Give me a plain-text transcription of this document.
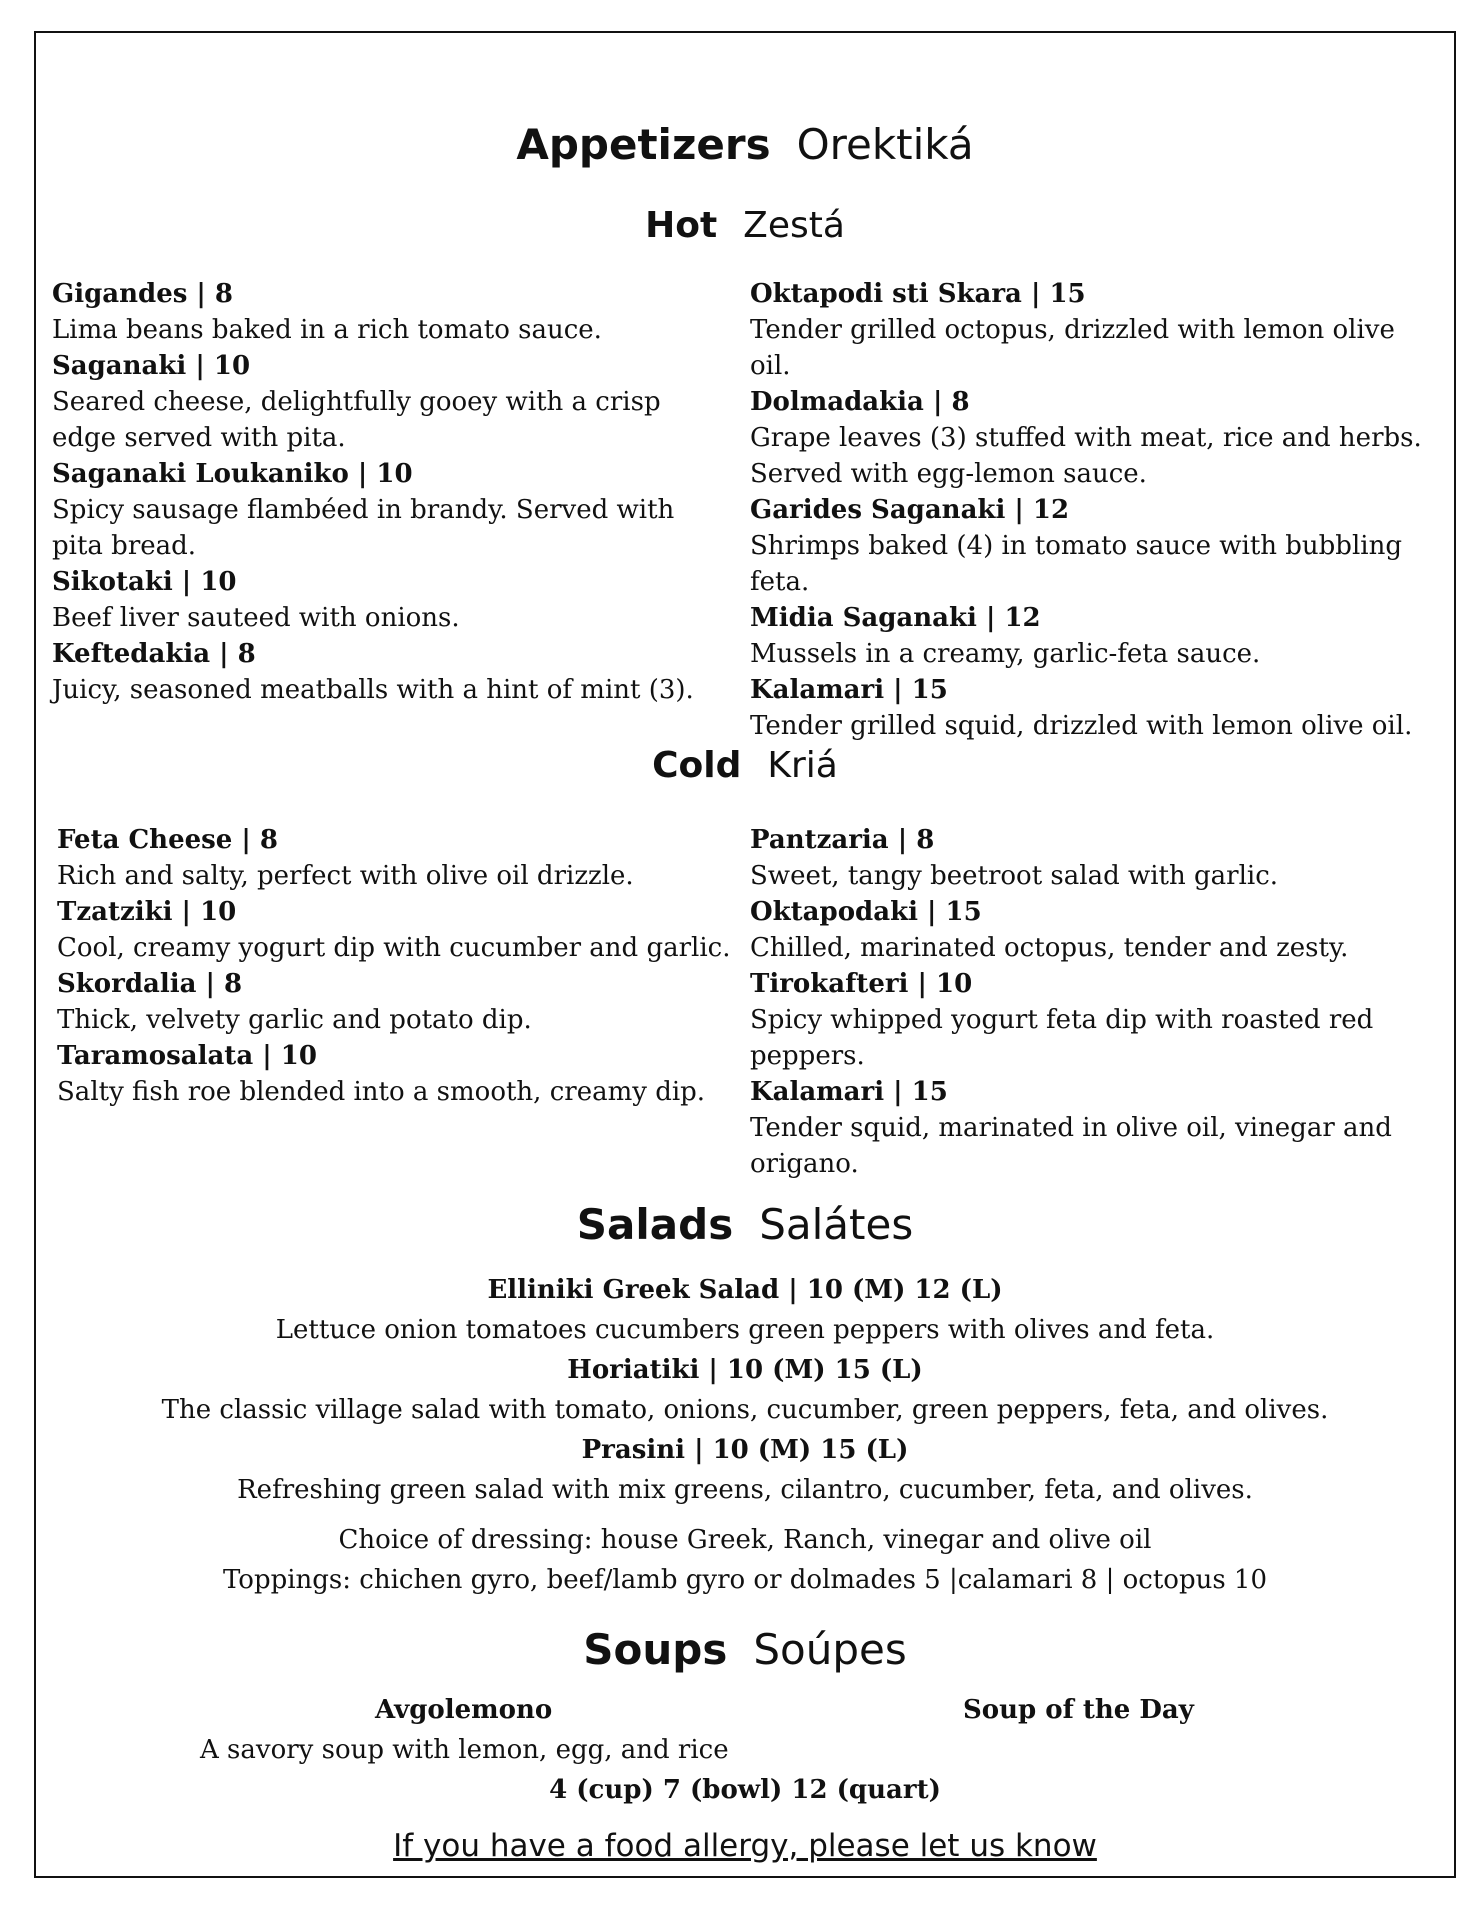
Appetizers Orektiká
Hot Zestá
Gigandes | 8
Lima beans baked in a rich tomato sauce.
Saganaki | 10
Seared cheese, delightfully gooey with a crisp edge served with pita.
Saganaki Loukaniko | 10
Spicy sausage flambéed in brandy. Served with pita bread.
Sikotaki | 10
Beef liver sauteed with onions.
Keftedakia | 8
Juicy, seasoned meatballs with a hint of mint (3).
Oktapodi sti Skara | 15
Tender grilled octopus, drizzled with lemon olive oil.
Dolmadakia | 8
Grape leaves (3) stuffed with meat, rice and herbs. Served with egg-lemon sauce.
Garides Saganaki | 12
Shrimps baked (4) in tomato sauce with bubbling feta.
Midia Saganaki | 12
Mussels in a creamy, garlic-feta sauce.
Kalamari | 15
Tender grilled squid, drizzled with lemon olive oil.
Cold Kriá
Feta Cheese | 8
Rich and salty, perfect with olive oil drizzle.
Tzatziki | 10
Cool, creamy yogurt dip with cucumber and garlic.
Skordalia | 8
Thick, velvety garlic and potato dip.
Taramosalata | 10
Salty fish roe blended into a smooth, creamy dip.
Pantzaria | 8
Sweet, tangy beetroot salad with garlic.
Oktapodaki | 15
Chilled, marinated octopus, tender and zesty.
Tirokafteri | 10
Spicy whipped yogurt feta dip with roasted red peppers.
Kalamari | 15
Tender squid, marinated in olive oil, vinegar and origano.
Salads Salátes
Elliniki Greek Salad | 10 (M) 12 (L)
Lettuce onion tomatoes cucumbers green peppers with olives and feta.
Horiatiki | 10 (M) 15 (L)
The classic village salad with tomato, onions, cucumber, green peppers, feta, and olives.
Prasini | 10 (M) 15 (L)
Refreshing green salad with mix greens, cilantro, cucumber, feta, and olives.
Choice of dressing: house Greek, Ranch, vinegar and olive oil
Toppings: chichen gyro, beef/lamb gyro or dolmades 5 |calamari 8 | octopus 10
Soups Soúpes
Avgolemono	Soup of the Day
A savory soup with lemon, egg, and rice
4 (cup) 7 (bowl) 12 (quart)
If you have a food allergy, please let us know
